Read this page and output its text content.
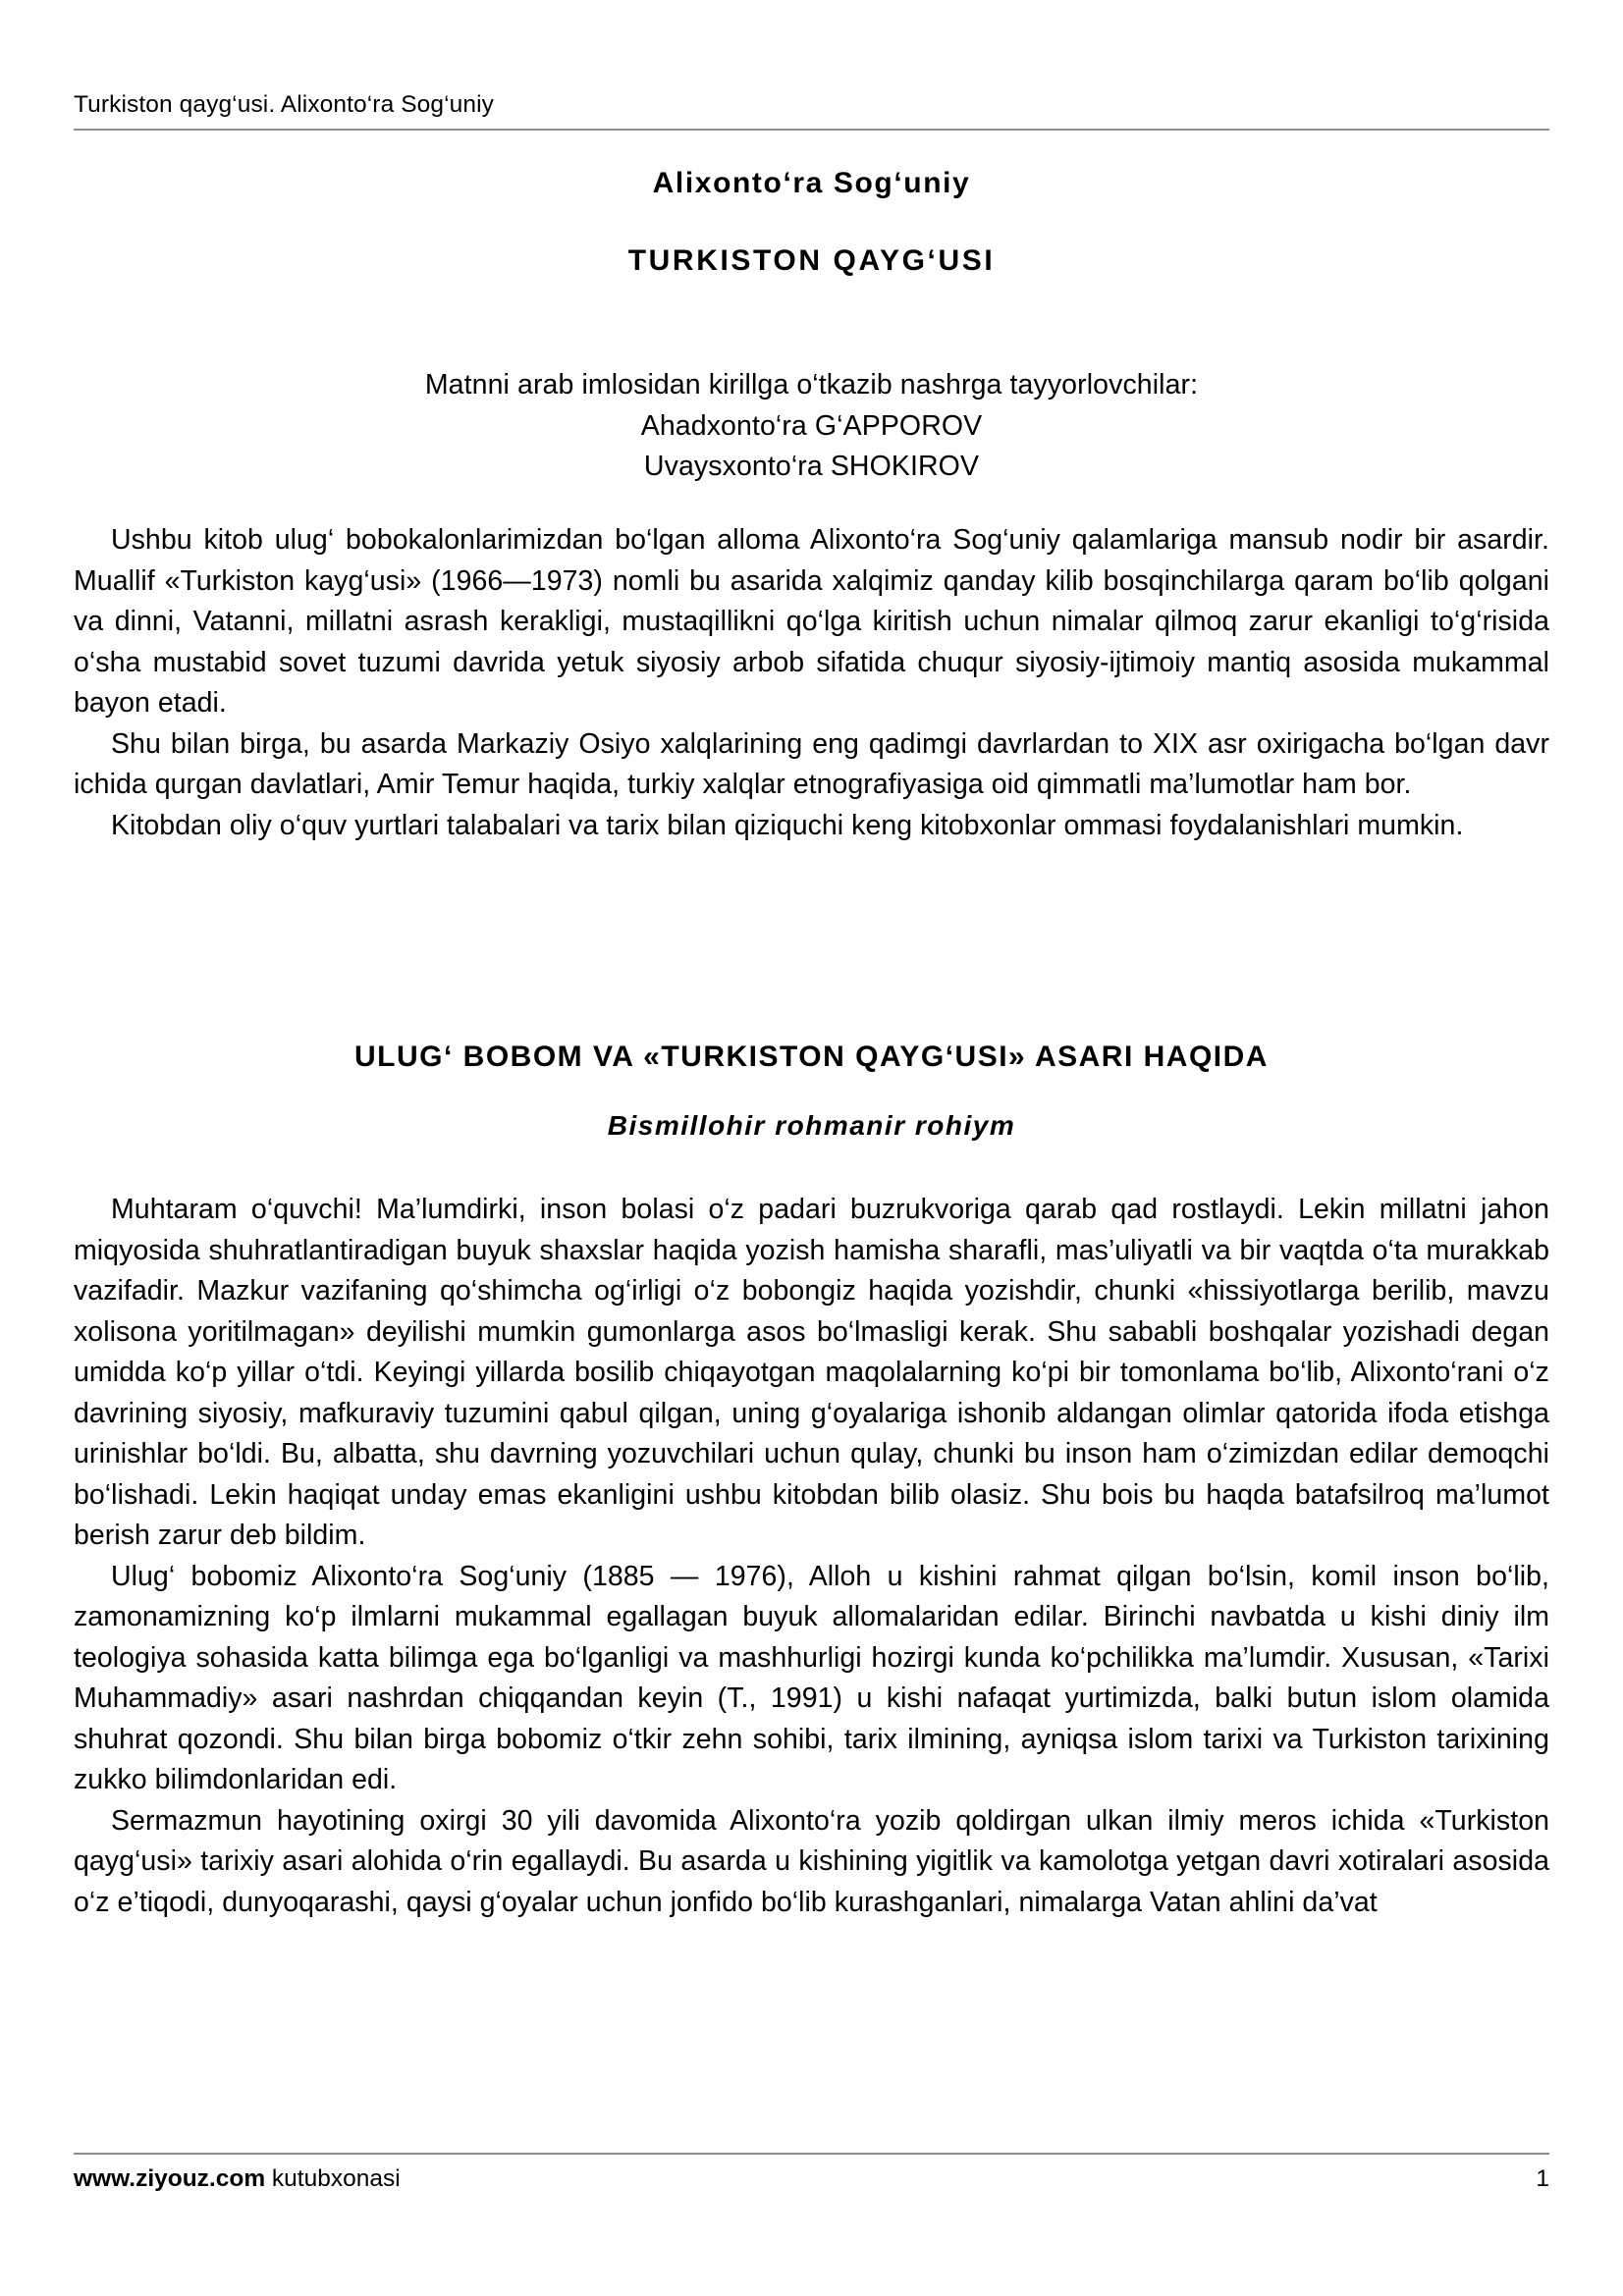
Turkiston qayg‘usi. Alixonto‘ra Sog‘uniy
Alixonto‘ra Sog‘uniy
TURKISTON QAYG‘USI
Matnni arab imlosidan kirillga o‘tkazib nashrga tayyorlovchilar:
Ahadxonto‘ra G‘APPOROV
Uvaysxonto‘ra SHOKIROV

Ushbu kitob ulug‘ bobokalonlarimizdan bo‘lgan alloma Alixonto‘ra Sog‘uniy qalamlariga mansub nodir bir asardir. Muallif «Turkiston kayg‘usi» (1966—1973) nomli bu asarida xalqimiz qanday kilib bosqinchilarga qaram bo‘lib qolgani va dinni, Vatanni, millatni asrash kerakligi, mustaqillikni qo‘lga kiritish uchun nimalar qilmoq zarur ekanligi to‘g‘risida o‘sha mustabid sovet tuzumi davrida yetuk siyosiy arbob sifatida chuqur siyosiy-ijtimoiy mantiq asosida mukammal bayon etadi.

Shu bilan birga, bu asarda Markaziy Osiyo xalqlarining eng qadimgi davrlardan to XIX asr oxirigacha bo‘lgan davr ichida qurgan davlatlari, Amir Temur haqida, turkiy xalqlar etnografiyasiga oid qimmatli ma’lumotlar ham bor.

Kitobdan oliy o‘quv yurtlari talabalari va tarix bilan qiziquchi keng kitobxonlar ommasi foydalanishlari mumkin.

ULUG‘ BOBOM VA «TURKISTON QAYG‘USI» ASARI HAQIDA
Bismillohir rohmanir rohiym

Muhtaram o‘quvchi! Ma’lumdirki, inson bolasi o‘z padari buzrukvoriga qarab qad rostlaydi. Lekin millatni jahon miqyosida shuhratlantiradigan buyuk shaxslar haqida yozish hamisha sharafli, mas’uliyatli va bir vaqtda o‘ta murakkab vazifadir. Mazkur vazifaning qo‘shimcha og‘irligi o‘z bobongiz haqida yozishdir, chunki «hissiyotlarga berilib, mavzu xolisona yoritilmagan» deyilishi mumkin gumonlarga asos bo‘lmasligi kerak. Shu sababli boshqalar yozishadi degan umidda ko‘p yillar o‘tdi. Keyingi yillarda bosilib chiqayotgan maqolalarning ko‘pi bir tomonlama bo‘lib, Alixonto‘rani o‘z davrining siyosiy, mafkuraviy tuzumini qabul qilgan, uning g‘oyalariga ishonib aldangan olimlar qatorida ifoda etishga urinishlar bo‘ldi. Bu, albatta, shu davrning yozuvchilari uchun qulay, chunki bu inson ham o‘zimizdan edilar demoqchi bo‘lishadi. Lekin haqiqat unday emas ekanligini ushbu kitobdan bilib olasiz. Shu bois bu haqda batafsilroq ma’lumot berish zarur deb bildim.

Ulug‘ bobomiz Alixonto‘ra Sog‘uniy (1885 — 1976), Alloh u kishini rahmat qilgan bo‘lsin, komil inson bo‘lib, zamonamizning ko‘p ilmlarni mukammal egallagan buyuk allomalaridan edilar. Birinchi navbatda u kishi diniy ilm teologiya sohasida katta bilimga ega bo‘lganligi va mashhurligi hozirgi kunda ko‘pchilikka ma’lumdir. Xususan, «Tarixi Muhammadiy» asari nashrdan chiqqandan keyin (T., 1991) u kishi nafaqat yurtimizda, balki butun islom olamida shuhrat qozondi. Shu bilan birga bobomiz o‘tkir zehn sohibi, tarix ilmining, ayniqsa islom tarixi va Turkiston tarixining zukko bilimdonlaridan edi.

Sermazmun hayotining oxirgi 30 yili davomida Alixonto‘ra yozib qoldirgan ulkan ilmiy meros ichida «Turkiston qayg‘usi» tarixiy asari alohida o‘rin egallaydi. Bu asarda u kishining yigitlik va kamolotga yetgan davri xotiralari asosida o‘z e’tiqodi, dunyoqarashi, qaysi g‘oyalar uchun jonfido bo‘lib kurashganlari, nimalarga Vatan ahlini da’vat

www.ziyouz.com kutubxonasi	1
